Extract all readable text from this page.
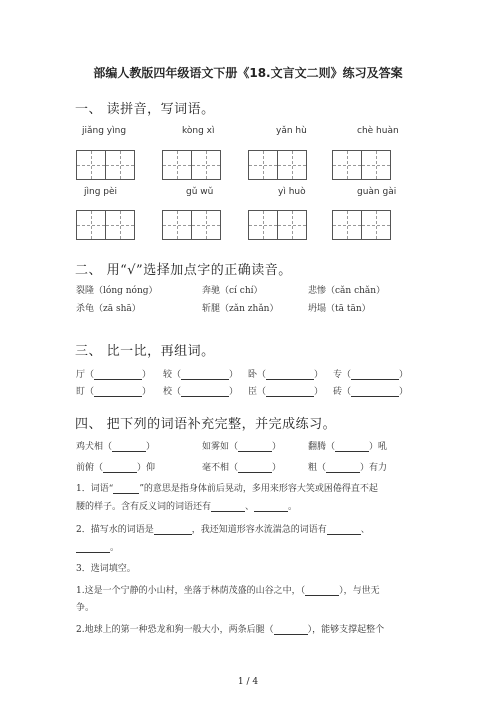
部编人教版四年级语文下册《18.文言文二则》练习及答案
一、 读拼音，写词语。
jiǎng yìng	kòng xì	yǎn hù	chè huàn
jìng pèi	gǔ wǔ	yì huò	guàn gài
二、 用“√”选择加点字的正确读音。
裂隆（lóng nóng）	奔驰（cí chí）	悲惨（cǎn chǎn）
杀龟（zā shā）	斩腿（zǎn zhǎn）	坍塌（tā tān）
三、 比一比，再组词。
厅（	） 较（	） 卧（	） 专（	）
盯（	） 校（	） 臣（	） 砖（	）
四、 把下列的词语补充完整，并完成练习。
鸡犬相（	）	如雾如（	）	翻腾（	）吼
前俯（	）仰	毫不相（	）	粗（	）有力
1．词语“	”的意思是指身体前后晃动，多用来形容大笑或困倦得直不起
腰的样子。含有反义词的词语还有	、	。
2．描写水的词语是	，我还知道形容水流湍急的词语有	、
。
3．选词填空。
1.这是一个宁静的小山村，坐落于林荫茂盛的山谷之中，（	），与世无
争。
2.地球上的第一种恐龙和狗一般大小，两条后腿（	），能够支撑起整个
1 / 4
